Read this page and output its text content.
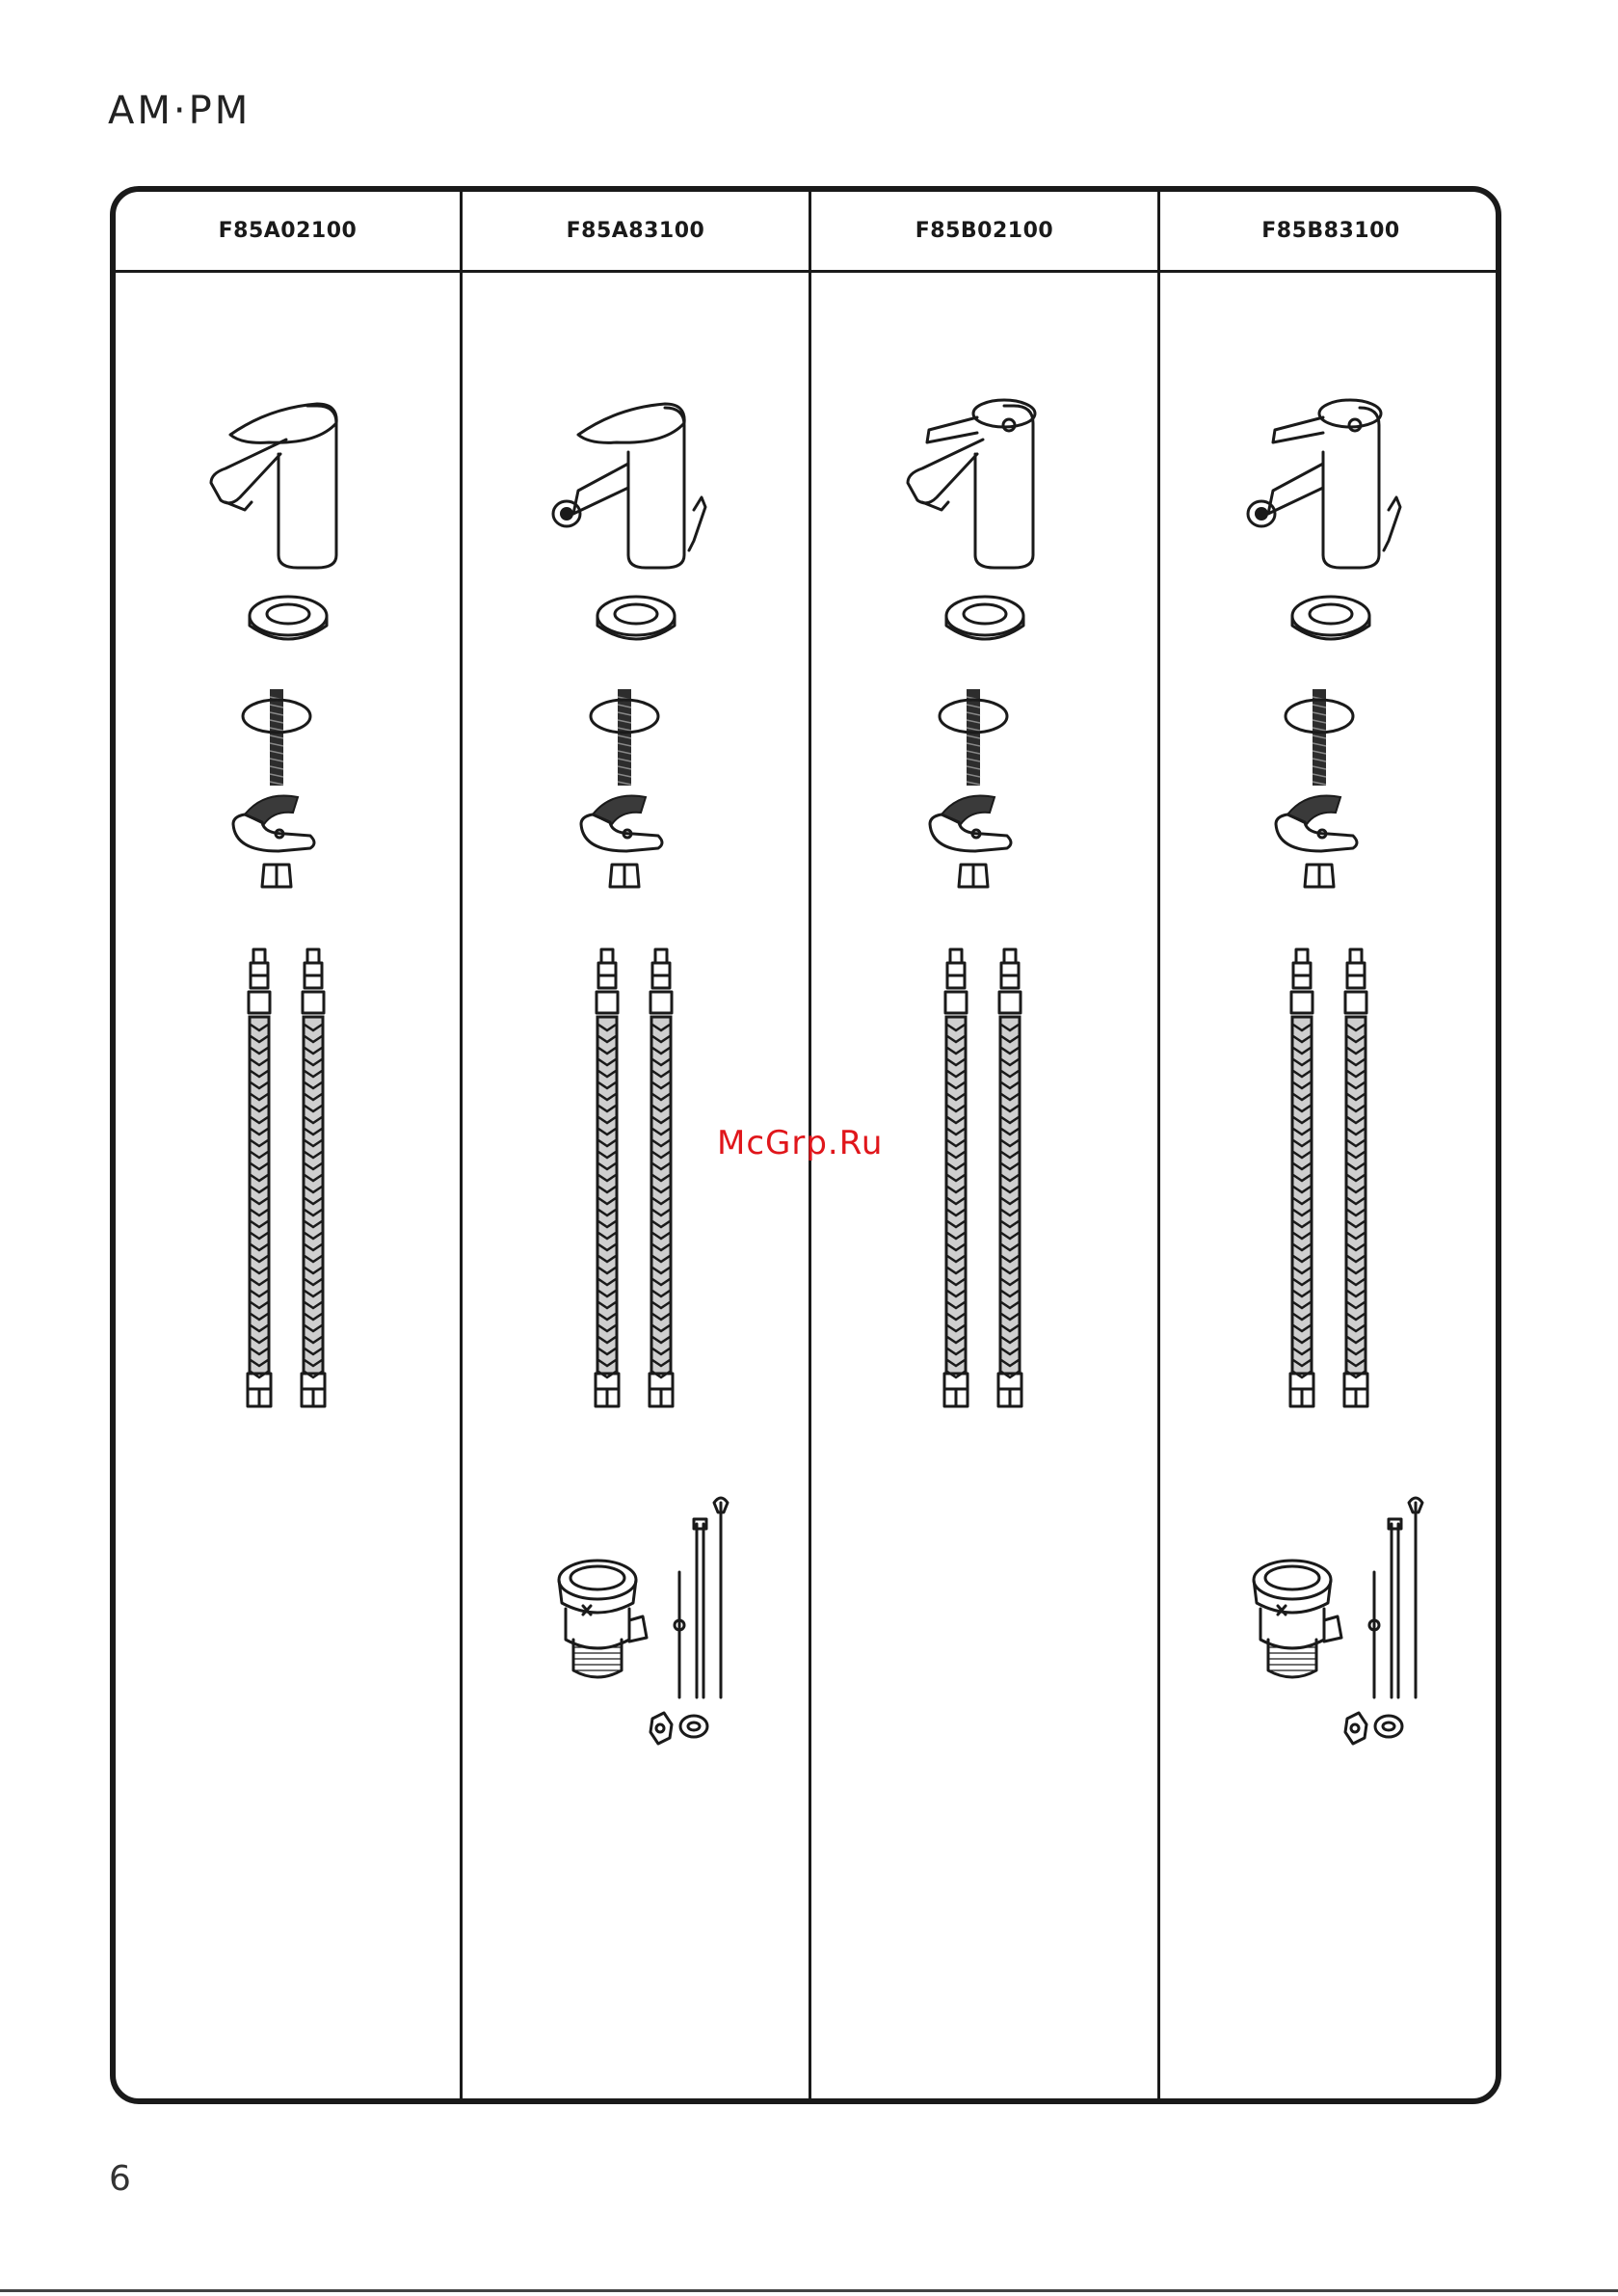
AM·PM
F85A02100	F85A83100	F85B02100	F85B83100
McGrp.Ru
6
